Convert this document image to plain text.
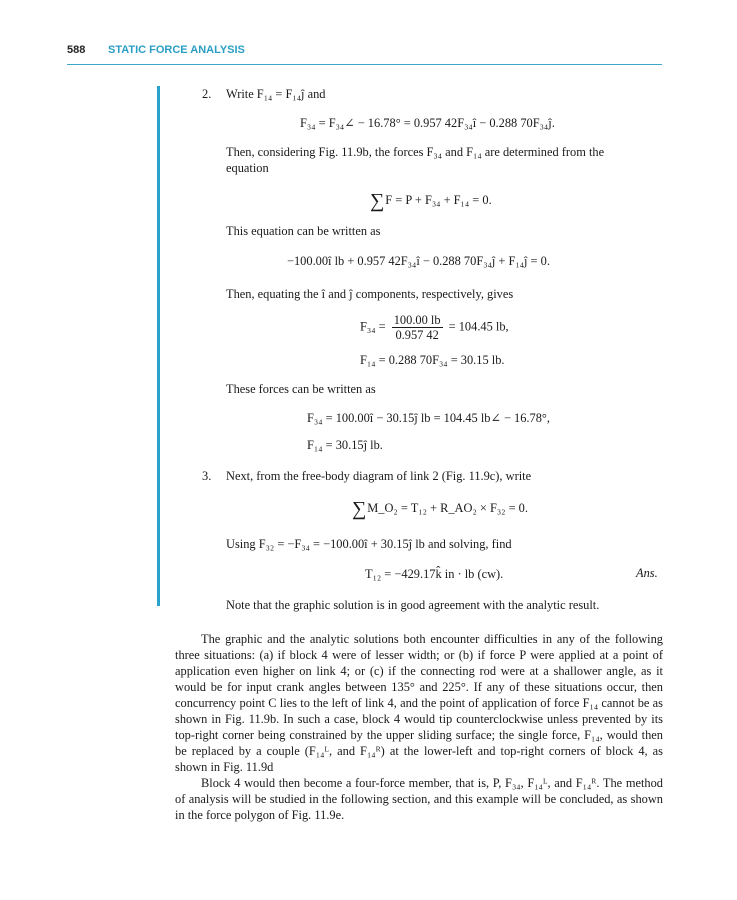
588 STATIC FORCE ANALYSIS
2. Write F₁₄ = F₁₄ĵ and
F₃₄ = F₃₄∠ − 16.78° = 0.957 42F₃₄î − 0.288 70F₃₄ĵ.
Then, considering Fig. 11.9b, the forces F₃₄ and F₁₄ are determined from the
equation
∑F = P + F₃₄ + F₁₄ = 0.
This equation can be written as
−100.00î lb + 0.957 42F₃₄î − 0.288 70F₃₄ĵ + F₁₄ĵ = 0.
Then, equating the î and ĵ components, respectively, gives
$F_{34} = \frac{100.00 lb}{0.957 42} = 104.45$ lb,
F₁₄ = 0.288 70F₃₄ = 30.15 lb.
These forces can be written as
F₃₄ = 100.00î − 30.15ĵ lb = 104.45 lb∠ − 16.78°,
F₁₄ = 30.15ĵ lb.
3. Next, from the free-body diagram of link 2 (Fig. 11.9c), write
∑M_O₂ = T₁₂ + R_AO₂ × F₃₂ = 0.
Using F₃₂ = −F₃₄ = −100.00î + 30.15ĵ lb and solving, find
T₁₂ = −429.17k̂ in · lb (cw).	Ans.
Note that the graphic solution is in good agreement with the analytic result.
The graphic and the analytic solutions both encounter difficulties in any of the following three situations: (a) if block 4 were of lesser width; or (b) if force P were applied at a point of application even higher on link 4; or (c) if the connecting rod were at a shallower angle, as it would be for input crank angles between 135° and 225°. If any of these situations occur, then concurrency point C lies to the left of link 4, and the point of application of force F₁₄ cannot be as shown in Fig. 11.9b. In such a case, block 4 would tip counterclockwise unless prevented by its top-right corner being constrained by the upper sliding surface; the single force, F₁₄, would then be replaced by a couple (F₁₄ᴸ, and F₁₄ᴿ) at the lower-left and top-right corners of block 4, as shown in Fig. 11.9d
Block 4 would then become a four-force member, that is, P, F₃₄, F₁₄ᴸ, and F₁₄ᴿ. The method of analysis will be studied in the following section, and this example will be concluded, as shown in the force polygon of Fig. 11.9e.
